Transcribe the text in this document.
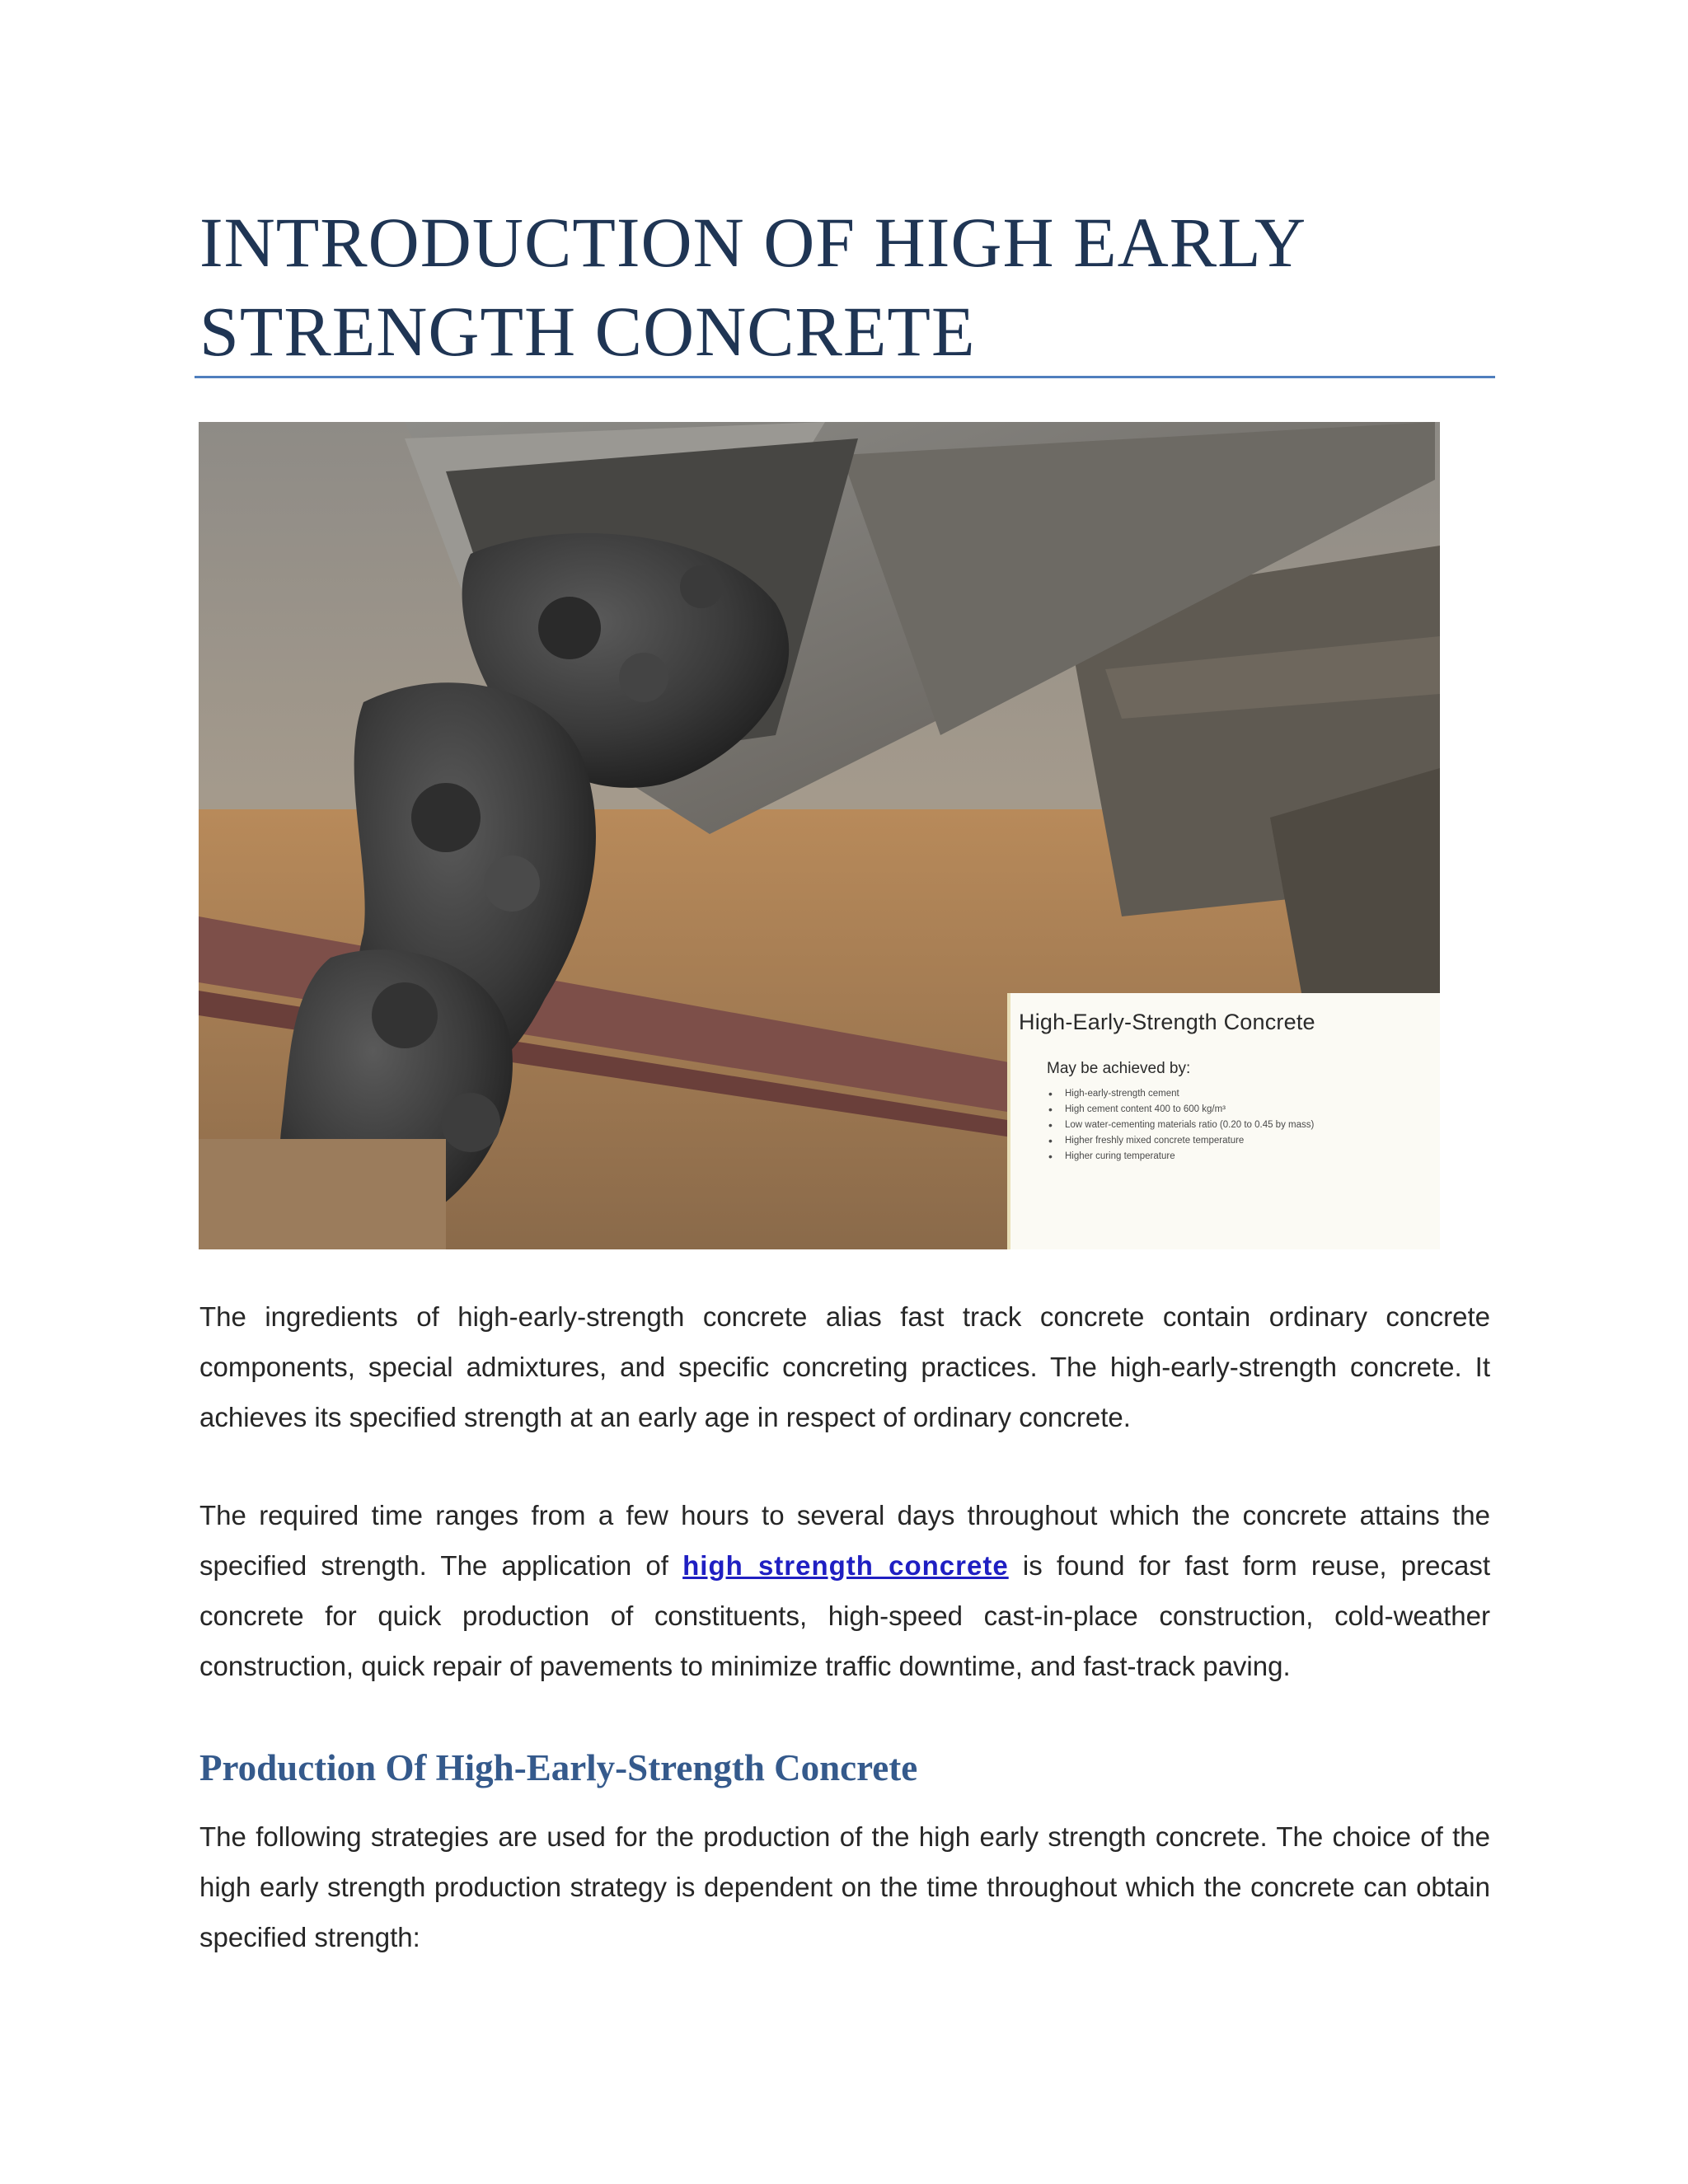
INTRODUCTION OF HIGH EARLY STRENGTH CONCRETE
High-Early-Strength Concrete
May be achieved by:
• High-early-strength cement
• High cement content 400 to 600 kg/m³
• Low water-cementing materials ratio (0.20 to 0.45 by mass)
• Higher freshly mixed concrete temperature
• Higher curing temperature

The ingredients of high-early-strength concrete alias fast track concrete contain ordinary concrete components, special admixtures, and specific concreting practices. The high-early-strength concrete. It achieves its specified strength at an early age in respect of ordinary concrete.

The required time ranges from a few hours to several days throughout which the concrete attains the specified strength. The application of high strength concrete is found for fast form reuse, precast concrete for quick production of constituents, high-speed cast-in-place construction, cold-weather construction, quick repair of pavements to minimize traffic downtime, and fast-track paving.

Production Of High-Early-Strength Concrete

The following strategies are used for the production of the high early strength concrete. The choice of the high early strength production strategy is dependent on the time throughout which the concrete can obtain specified strength:
